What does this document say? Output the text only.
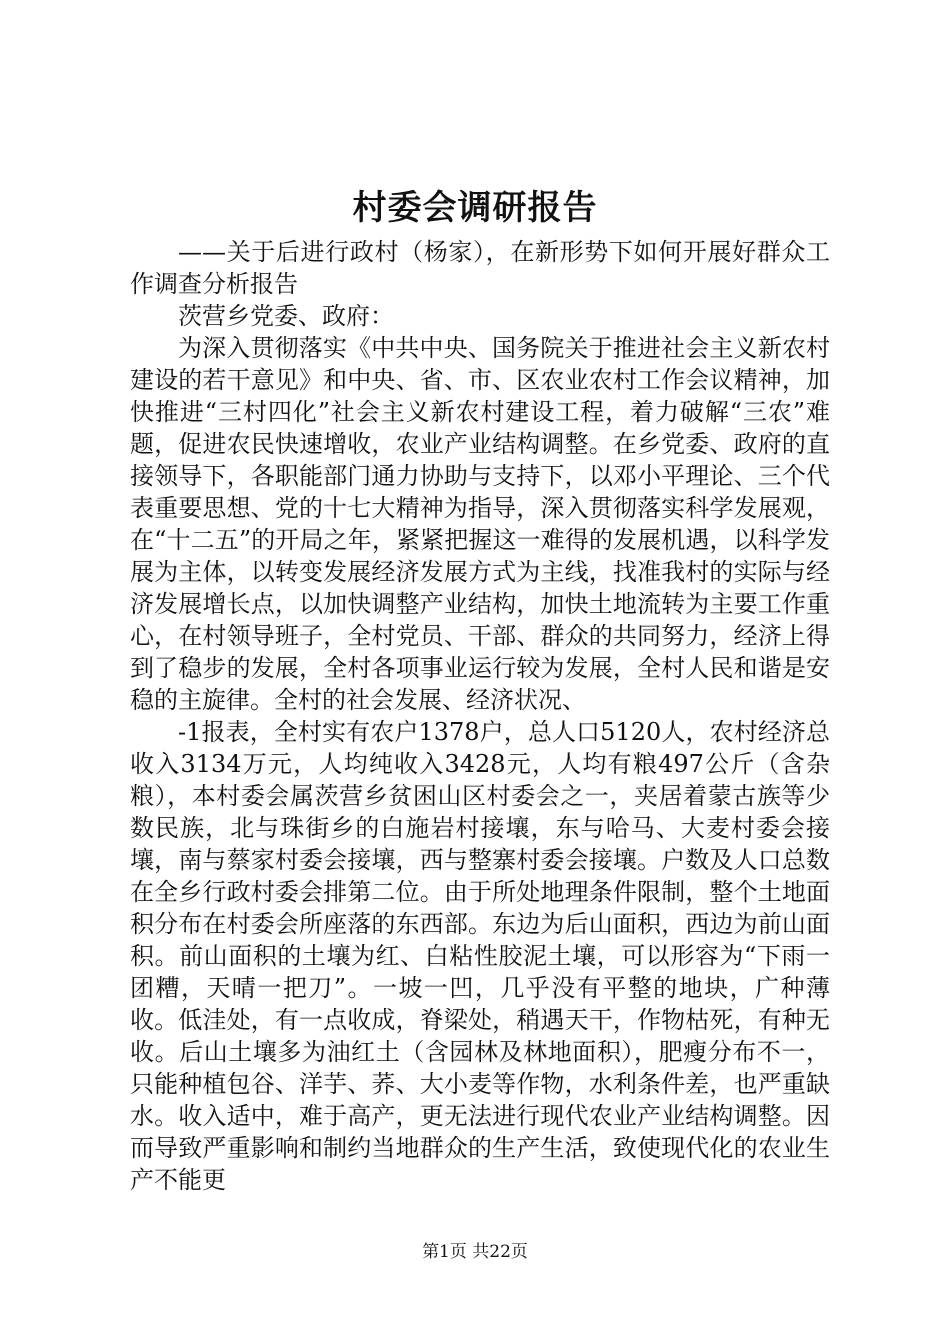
村委会调研报告

——关于后进行政村（杨家），在新形势下如何开展好群众工作调查分析报告

茨营乡党委、政府：

为深入贯彻落实《中共中央、国务院关于推进社会主义新农村建设的若干意见》和中央、省、市、区农业农村工作会议精神，加快推进“三村四化”社会主义新农村建设工程，着力破解“三农”难题，促进农民快速增收，农业产业结构调整。在乡党委、政府的直接领导下，各职能部门通力协助与支持下，以邓小平理论、三个代表重要思想、党的十七大精神为指导，深入贯彻落实科学发展观，在“十二五”的开局之年，紧紧把握这一难得的发展机遇，以科学发展为主体，以转变发展经济发展方式为主线，找准我村的实际与经济发展增长点，以加快调整产业结构，加快土地流转为主要工作重心，在村领导班子，全村党员、干部、群众的共同努力，经济上得到了稳步的发展，全村各项事业运行较为发展，全村人民和谐是安稳的主旋律。全村的社会发展、经济状况、

-1报表，全村实有农户1378户，总人口5120人，农村经济总收入3134万元，人均纯收入3428元，人均有粮497公斤（含杂粮），本村委会属茨营乡贫困山区村委会之一，夹居着蒙古族等少数民族，北与珠街乡的白施岩村接壤，东与哈马、大麦村委会接壤，南与蔡家村委会接壤，西与整寨村委会接壤。户数及人口总数在全乡行政村委会排第二位。由于所处地理条件限制，整个土地面积分布在村委会所座落的东西部。东边为后山面积，西边为前山面积。前山面积的土壤为红、白粘性胶泥土壤，可以形容为“下雨一团糟，天晴一把刀”。一坡一凹，几乎没有平整的地块，广种薄收。低洼处，有一点收成，脊梁处，稍遇天干，作物枯死，有种无收。后山土壤多为油红土（含园林及林地面积），肥瘦分布不一，只能种植包谷、洋芋、荞、大小麦等作物，水利条件差，也严重缺水。收入适中，难于高产，更无法进行现代农业产业结构调整。因而导致严重影响和制约当地群众的生产生活，致使现代化的农业生产不能更

第1页 共22页
